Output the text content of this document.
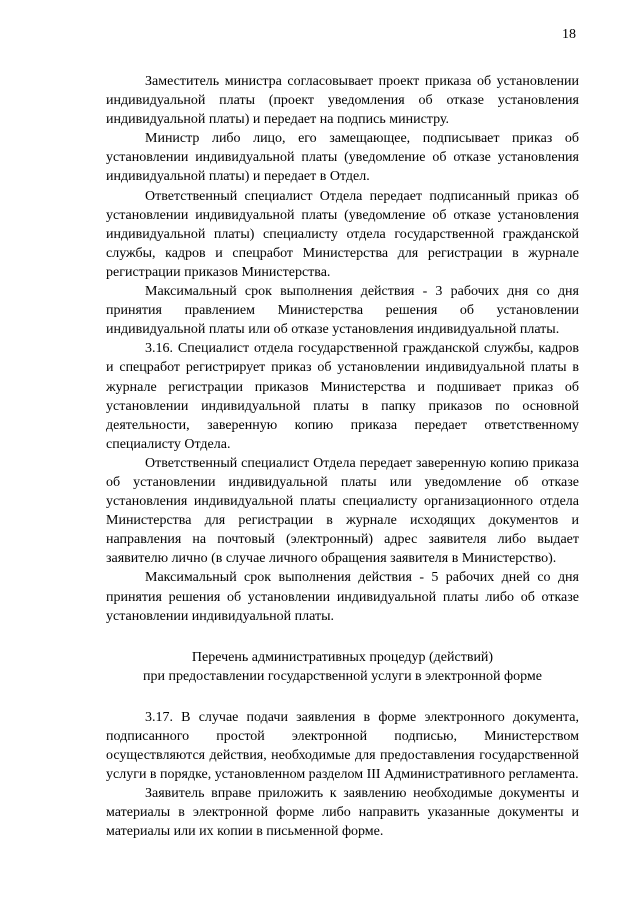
18

Заместитель министра согласовывает проект приказа об установлении индивидуальной платы (проект уведомления об отказе установления индивидуальной платы) и передает на подпись министру.

Министр либо лицо, его замещающее, подписывает приказ об установлении индивидуальной платы (уведомление об отказе установления индивидуальной платы) и передает в Отдел.

Ответственный специалист Отдела передает подписанный приказ об установлении индивидуальной платы (уведомление об отказе установления индивидуальной платы) специалисту отдела государственной гражданской службы, кадров и спецработ Министерства для регистрации в журнале регистрации приказов Министерства.

Максимальный срок выполнения действия - 3 рабочих дня со дня принятия правлением Министерства решения об установлении индивидуальной платы или об отказе установления индивидуальной платы.

3.16. Специалист отдела государственной гражданской службы, кадров и спецработ регистрирует приказ об установлении индивидуальной платы в журнале регистрации приказов Министерства и подшивает приказ об установлении индивидуальной платы в папку приказов по основной деятельности, заверенную копию приказа передает ответственному специалисту Отдела.

Ответственный специалист Отдела передает заверенную копию приказа об установлении индивидуальной платы или уведомление об отказе установления индивидуальной платы специалисту организационного отдела Министерства для регистрации в журнале исходящих документов и направления на почтовый (электронный) адрес заявителя либо выдает заявителю лично (в случае личного обращения заявителя в Министерство).

Максимальный срок выполнения действия - 5 рабочих дней со дня принятия решения об установлении индивидуальной платы либо об отказе установлении индивидуальной платы.

Перечень административных процедур (действий)
при предоставлении государственной услуги в электронной форме

3.17. В случае подачи заявления в форме электронного документа, подписанного простой электронной подписью, Министерством осуществляются действия, необходимые для предоставления государственной услуги в порядке, установленном разделом III Административного регламента.

Заявитель вправе приложить к заявлению необходимые документы и материалы в электронной форме либо направить указанные документы и материалы или их копии в письменной форме.
